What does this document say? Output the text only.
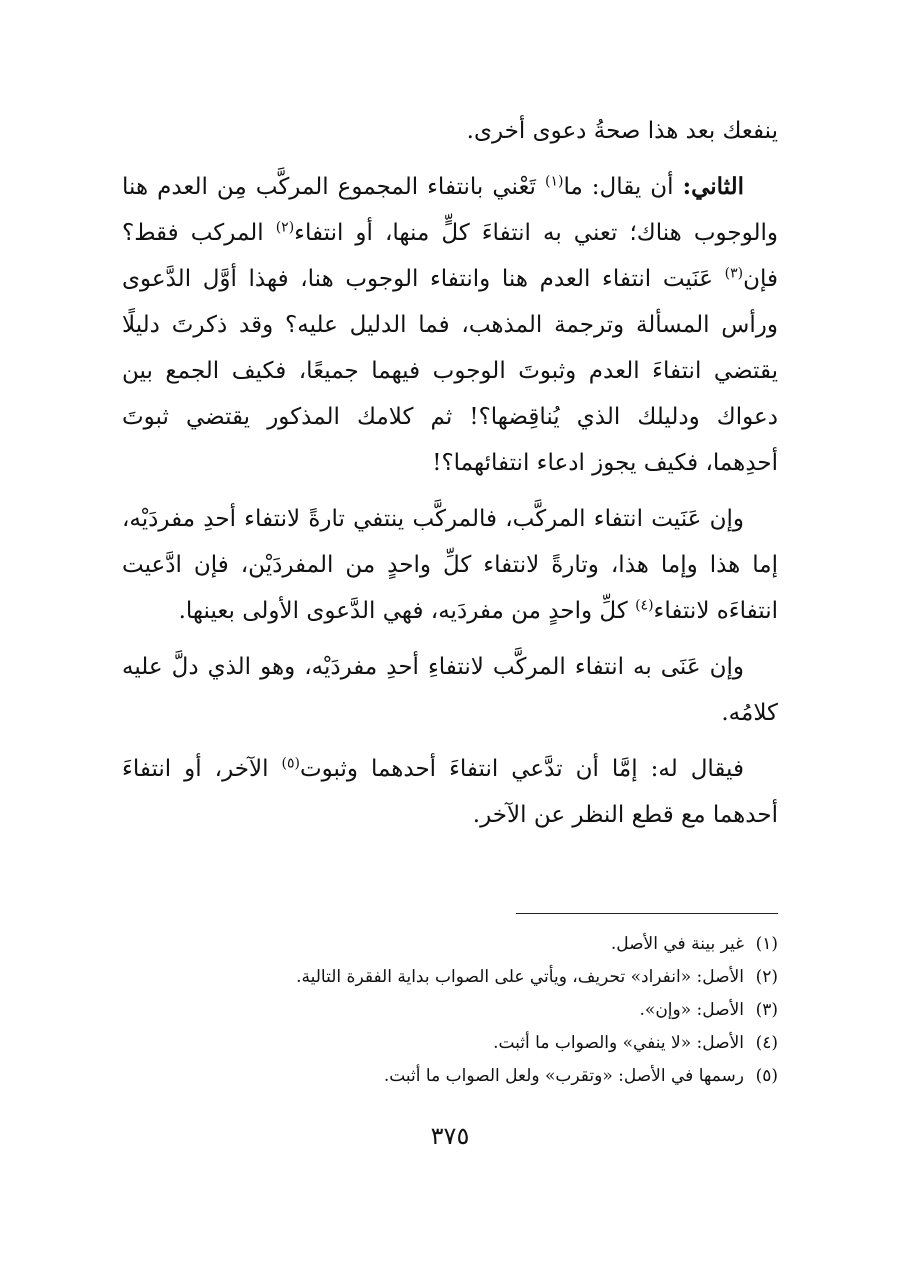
ينفعك بعد هذا صحةُ دعوى أخرى.

الثاني: أن يقال: ما$^{(١)}$ تَعْني بانتفاء المجموع المركَّب مِن العدم هنا والوجوب هناك؛ تعني به انتفاءَ كلٍّ منها، أو انتفاء$^{(٢)}$ المركب فقط؟ فإن$^{(٣)}$ عَنَيت انتفاء العدم هنا وانتفاء الوجوب هنا، فهذا أوَّل الدَّعوى ورأس المسألة وترجمة المذهب، فما الدليل عليه؟ وقد ذكرتَ دليلًا يقتضي انتفاءَ العدم وثبوتَ الوجوب فيهما جميعًا، فكيف الجمع بين دعواك ودليلك الذي يُناقِضها؟! ثم كلامك المذكور يقتضي ثبوتَ أحدِهما، فكيف يجوز ادعاء انتفائهما؟!

وإن عَنَيت انتفاء المركَّب، فالمركَّب ينتفي تارةً لانتفاء أحدِ مفردَيْه، إما هذا وإما هذا، وتارةً لانتفاء كلِّ واحدٍ من المفردَيْن، فإن ادَّعيت انتفاءَه لانتفاء$^{(٤)}$ كلِّ واحدٍ من مفردَيه، فهي الدَّعوى الأولى بعينها.

وإن عَنَى به انتفاء المركَّب لانتفاءِ أحدِ مفردَيْه، وهو الذي دلَّ عليه كلامُه.

فيقال له: إمَّا أن تدَّعي انتفاءَ أحدهما وثبوت$^{(٥)}$ الآخر، أو انتفاءَ أحدهما مع قطع النظر عن الآخر.

(١)غير بينة في الأصل.

(٢)الأصل: «انفراد» تحريف، ويأتي على الصواب بداية الفقرة التالية.

(٣)الأصل: «وإن».

(٤)الأصل: «لا ينفي» والصواب ما أثبت.

(٥)رسمها في الأصل: «وتقرب» ولعل الصواب ما أثبت.

٣٧٥
